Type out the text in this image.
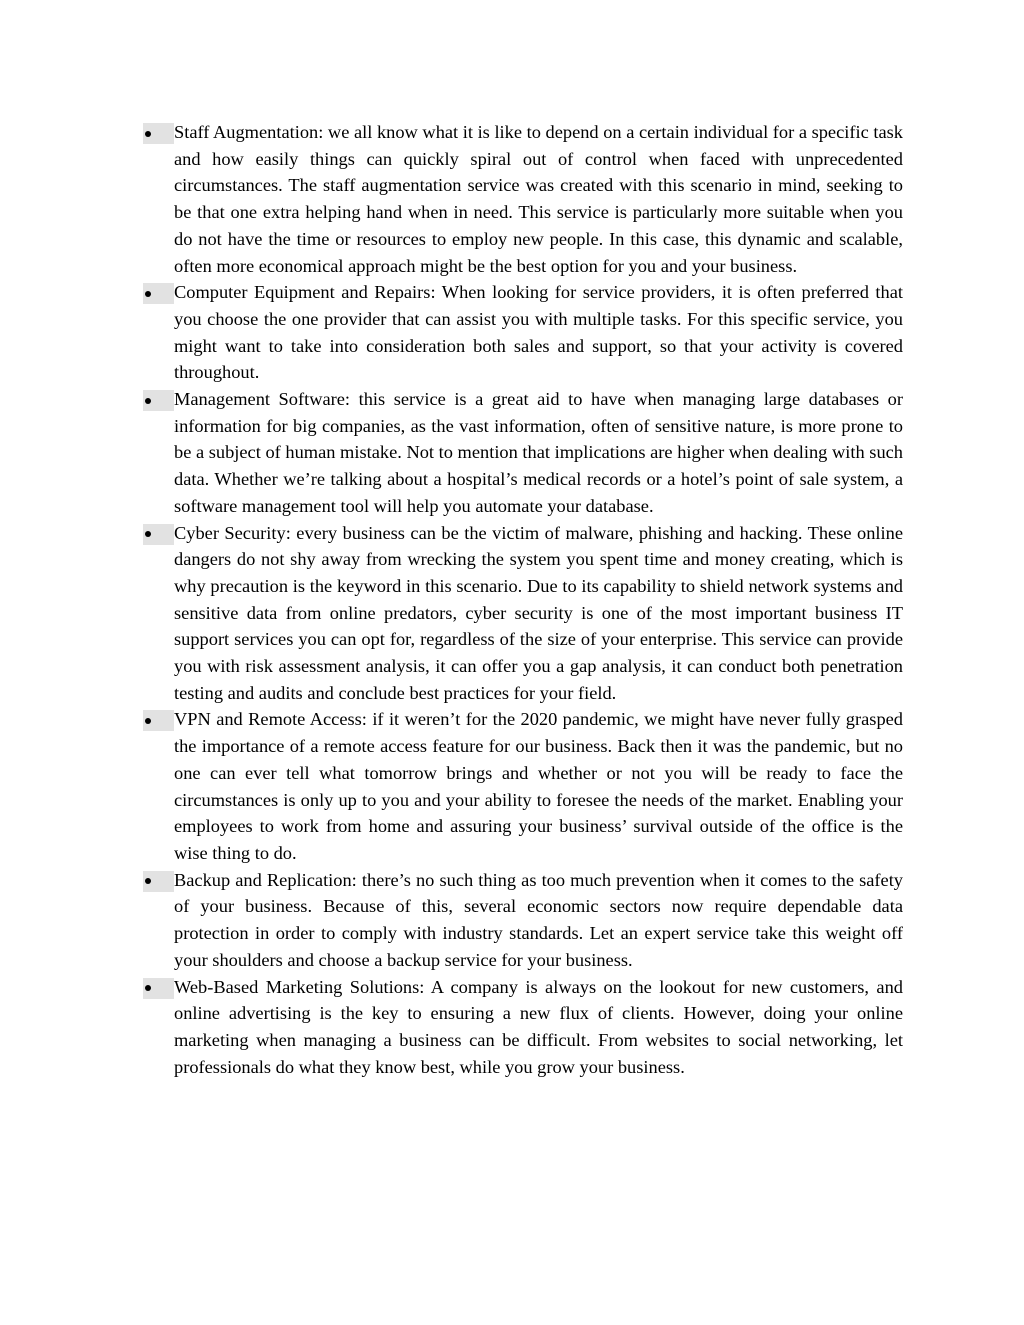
Staff Augmentation: we all know what it is like to depend on a certain individual for a specific task and how easily things can quickly spiral out of control when faced with unprecedented circumstances. The staff augmentation service was created with this scenario in mind, seeking to be that one extra helping hand when in need. This service is particularly more suitable when you do not have the time or resources to employ new people. In this case, this dynamic and scalable, often more economical approach might be the best option for you and your business.
Computer Equipment and Repairs: When looking for service providers, it is often preferred that you choose the one provider that can assist you with multiple tasks. For this specific service, you might want to take into consideration both sales and support, so that your activity is covered throughout.
Management Software: this service is a great aid to have when managing large databases or information for big companies, as the vast information, often of sensitive nature, is more prone to be a subject of human mistake. Not to mention that implications are higher when dealing with such data. Whether we’re talking about a hospital’s medical records or a hotel’s point of sale system, a software management tool will help you automate your database.
Cyber Security: every business can be the victim of malware, phishing and hacking. These online dangers do not shy away from wrecking the system you spent time and money creating, which is why precaution is the keyword in this scenario. Due to its capability to shield network systems and sensitive data from online predators, cyber security is one of the most important business IT support services you can opt for, regardless of the size of your enterprise. This service can provide you with risk assessment analysis, it can offer you a gap analysis, it can conduct both penetration testing and audits and conclude best practices for your field.
VPN and Remote Access: if it weren’t for the 2020 pandemic, we might have never fully grasped the importance of a remote access feature for our business. Back then it was the pandemic, but no one can ever tell what tomorrow brings and whether or not you will be ready to face the circumstances is only up to you and your ability to foresee the needs of the market. Enabling your employees to work from home and assuring your business’ survival outside of the office is the wise thing to do.
Backup and Replication: there’s no such thing as too much prevention when it comes to the safety of your business. Because of this, several economic sectors now require dependable data protection in order to comply with industry standards. Let an expert service take this weight off your shoulders and choose a backup service for your business.
Web-Based Marketing Solutions: A company is always on the lookout for new customers, and online advertising is the key to ensuring a new flux of clients. However, doing your online marketing when managing a business can be difficult. From websites to social networking, let professionals do what they know best, while you grow your business.
